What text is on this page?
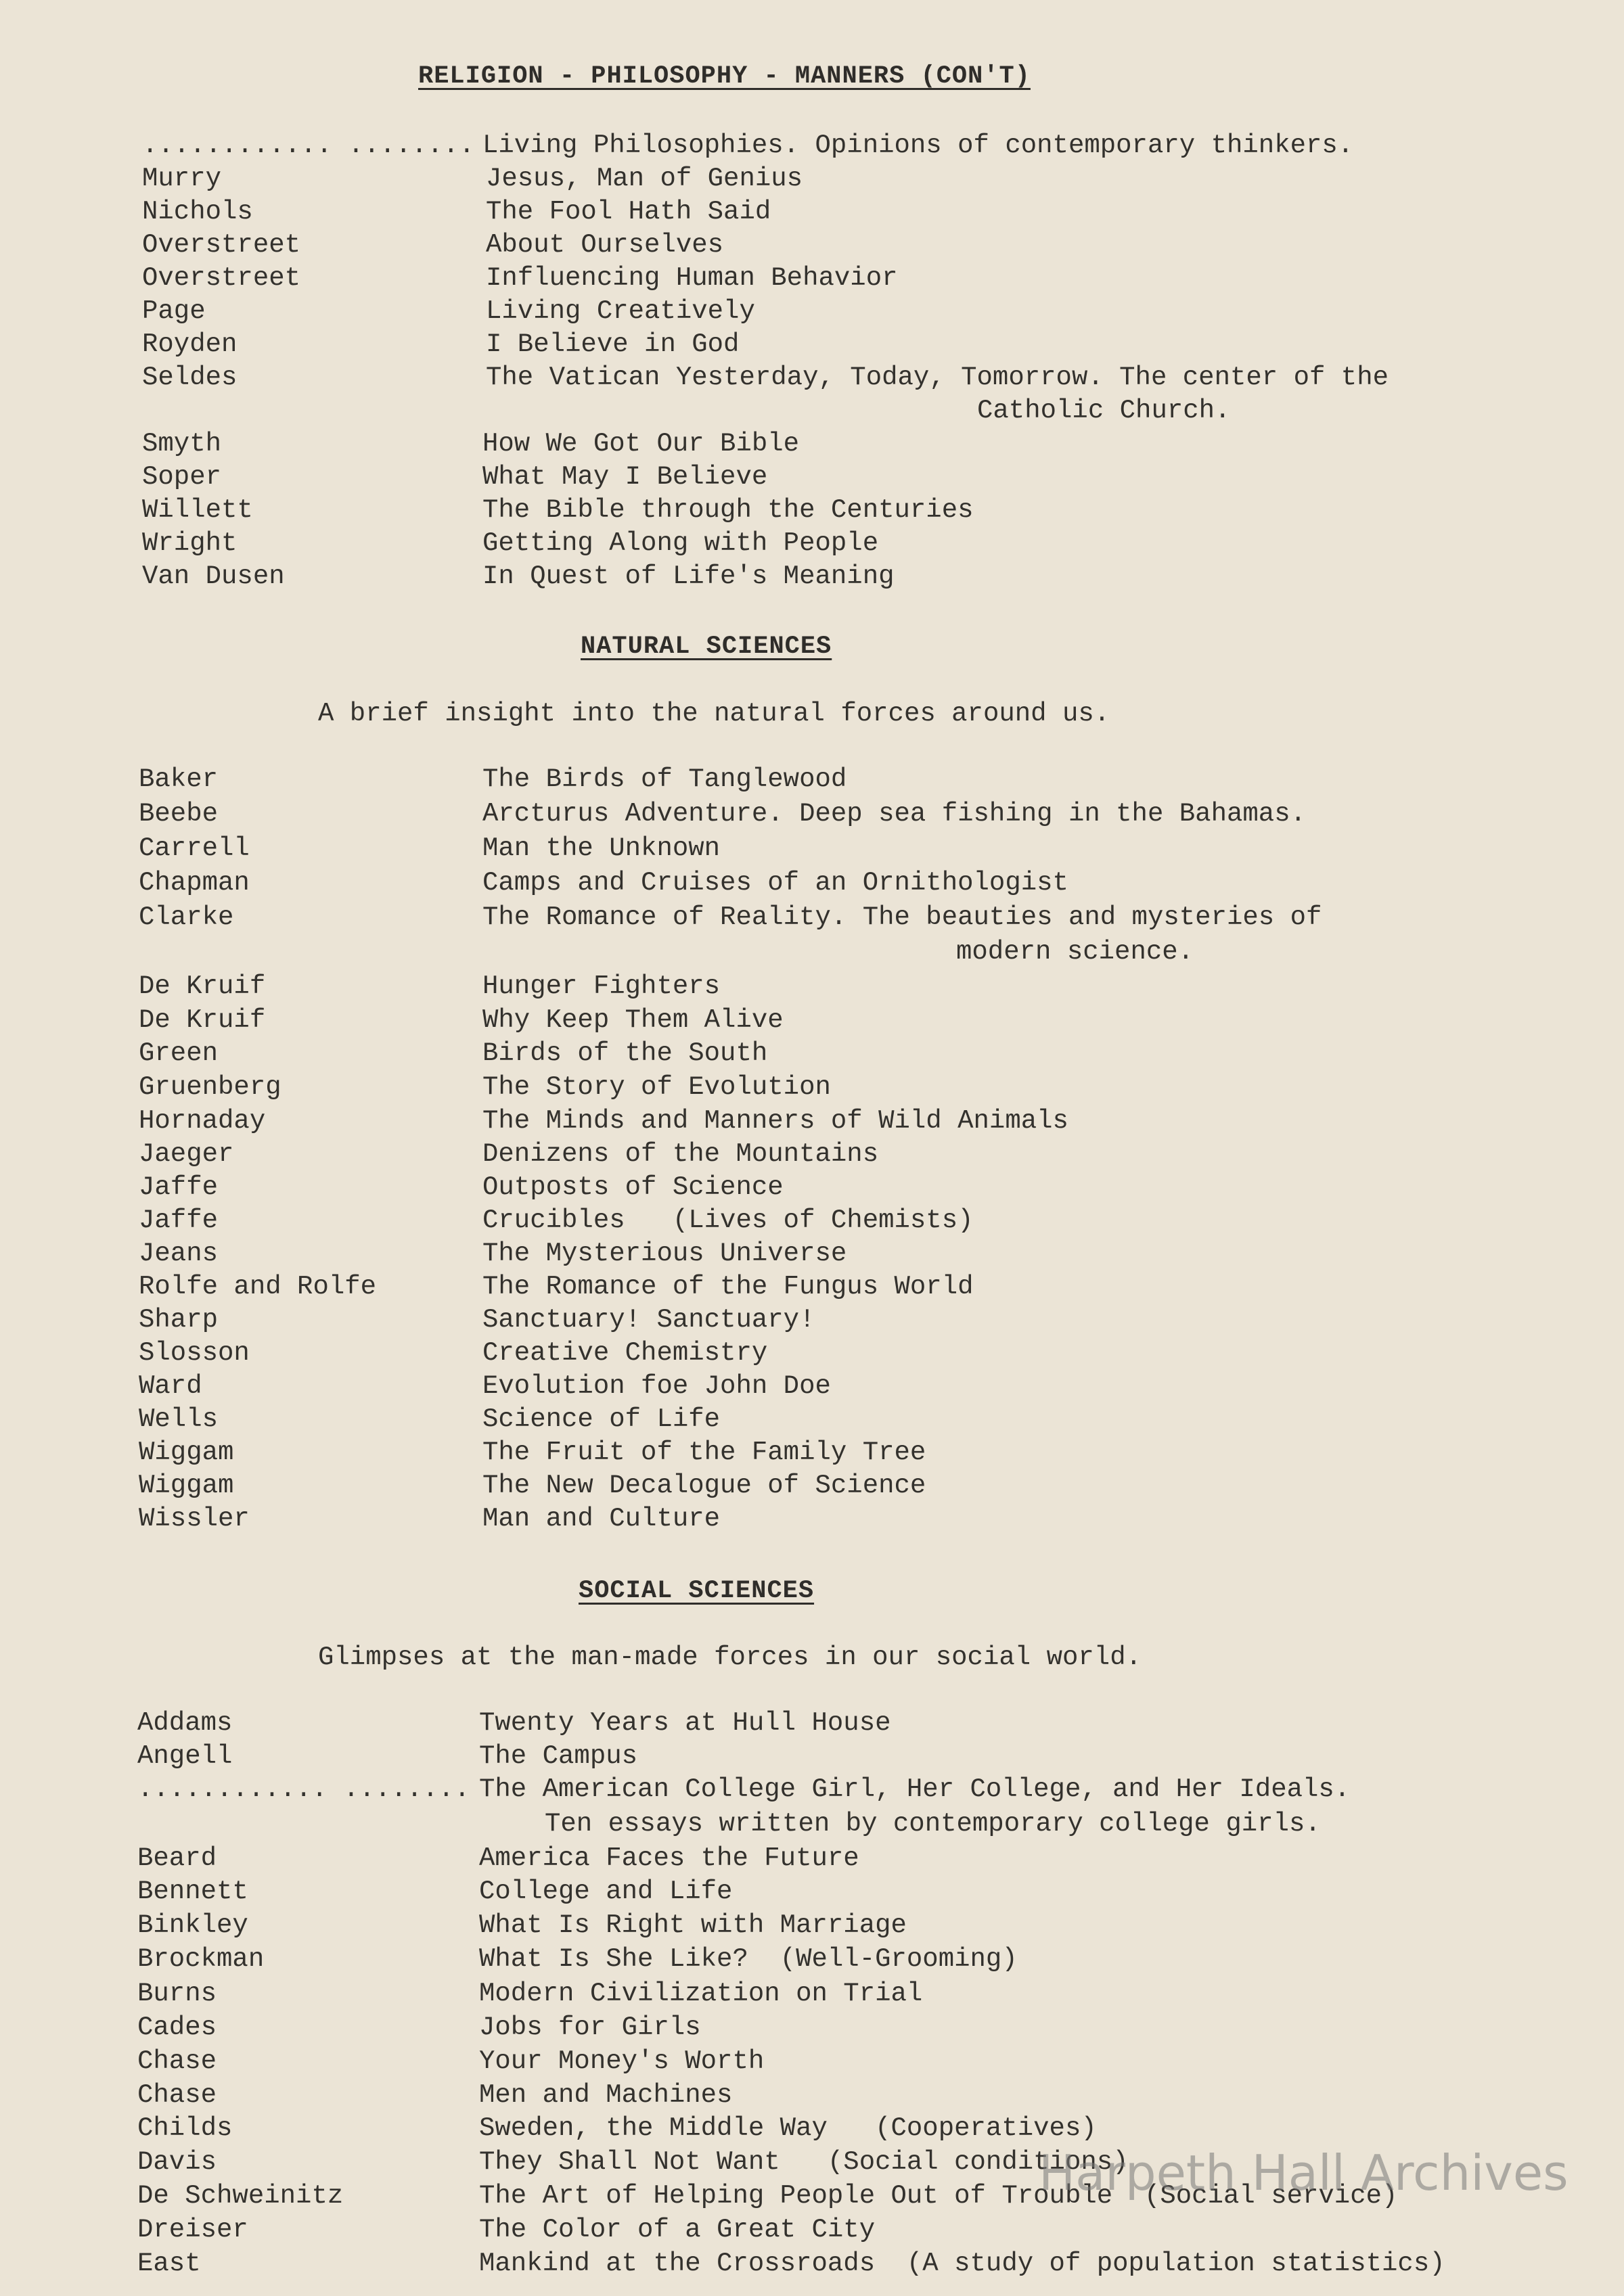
RELIGION - PHILOSOPHY - MANNERS (CON'T)
............ ........ Living Philosophies. Opinions of contemporary thinkers.
Murry	Jesus, Man of Genius
Nichols	The Fool Hath Said
Overstreet	About Ourselves
Overstreet	Influencing Human Behavior
Page	Living Creatively
Royden	I Believe in God
Seldes	The Vatican Yesterday, Today, Tomorrow. The center of the
Catholic Church.
Smyth	How We Got Our Bible
Soper	What May I Believe
Willett	The Bible through the Centuries
Wright	Getting Along with People
Van Dusen	In Quest of Life's Meaning
NATURAL SCIENCES
A brief insight into the natural forces around us.
Baker	The Birds of Tanglewood
Beebe	Arcturus Adventure. Deep sea fishing in the Bahamas.
Carrell	Man the Unknown
Chapman	Camps and Cruises of an Ornithologist
Clarke	The Romance of Reality. The beauties and mysteries of
modern science.
De Kruif	Hunger Fighters
De Kruif	Why Keep Them Alive
Green	Birds of the South
Gruenberg	The Story of Evolution
Hornaday	The Minds and Manners of Wild Animals
Jaeger	Denizens of the Mountains
Jaffe	Outposts of Science
Jaffe	Crucibles   (Lives of Chemists)
Jeans	The Mysterious Universe
Rolfe and Rolfe	The Romance of the Fungus World
Sharp	Sanctuary! Sanctuary!
Slosson	Creative Chemistry
Ward	Evolution foe John Doe
Wells	Science of Life
Wiggam	The Fruit of the Family Tree
Wiggam	The New Decalogue of Science
Wissler	Man and Culture
SOCIAL SCIENCES
Glimpses at the man-made forces in our social world.
Addams	Twenty Years at Hull House
Angell	The Campus
............ ........ The American College Girl, Her College, and Her Ideals.
Ten essays written by contemporary college girls.
Beard	America Faces the Future
Bennett	College and Life
Binkley	What Is Right with Marriage
Brockman	What Is She Like?  (Well-Grooming)
Burns	Modern Civilization on Trial
Cades	Jobs for Girls
Chase	Your Money's Worth
Chase	Men and Machines
Childs	Sweden, the Middle Way   (Cooperatives)
Davis	They Shall Not Want   (Social conditions)
De Schweinitz	The Art of Helping People Out of Trouble  (Social service)
Dreiser	The Color of a Great City
East	Mankind at the Crossroads  (A study of population statistics)
Harpeth Hall Archives
